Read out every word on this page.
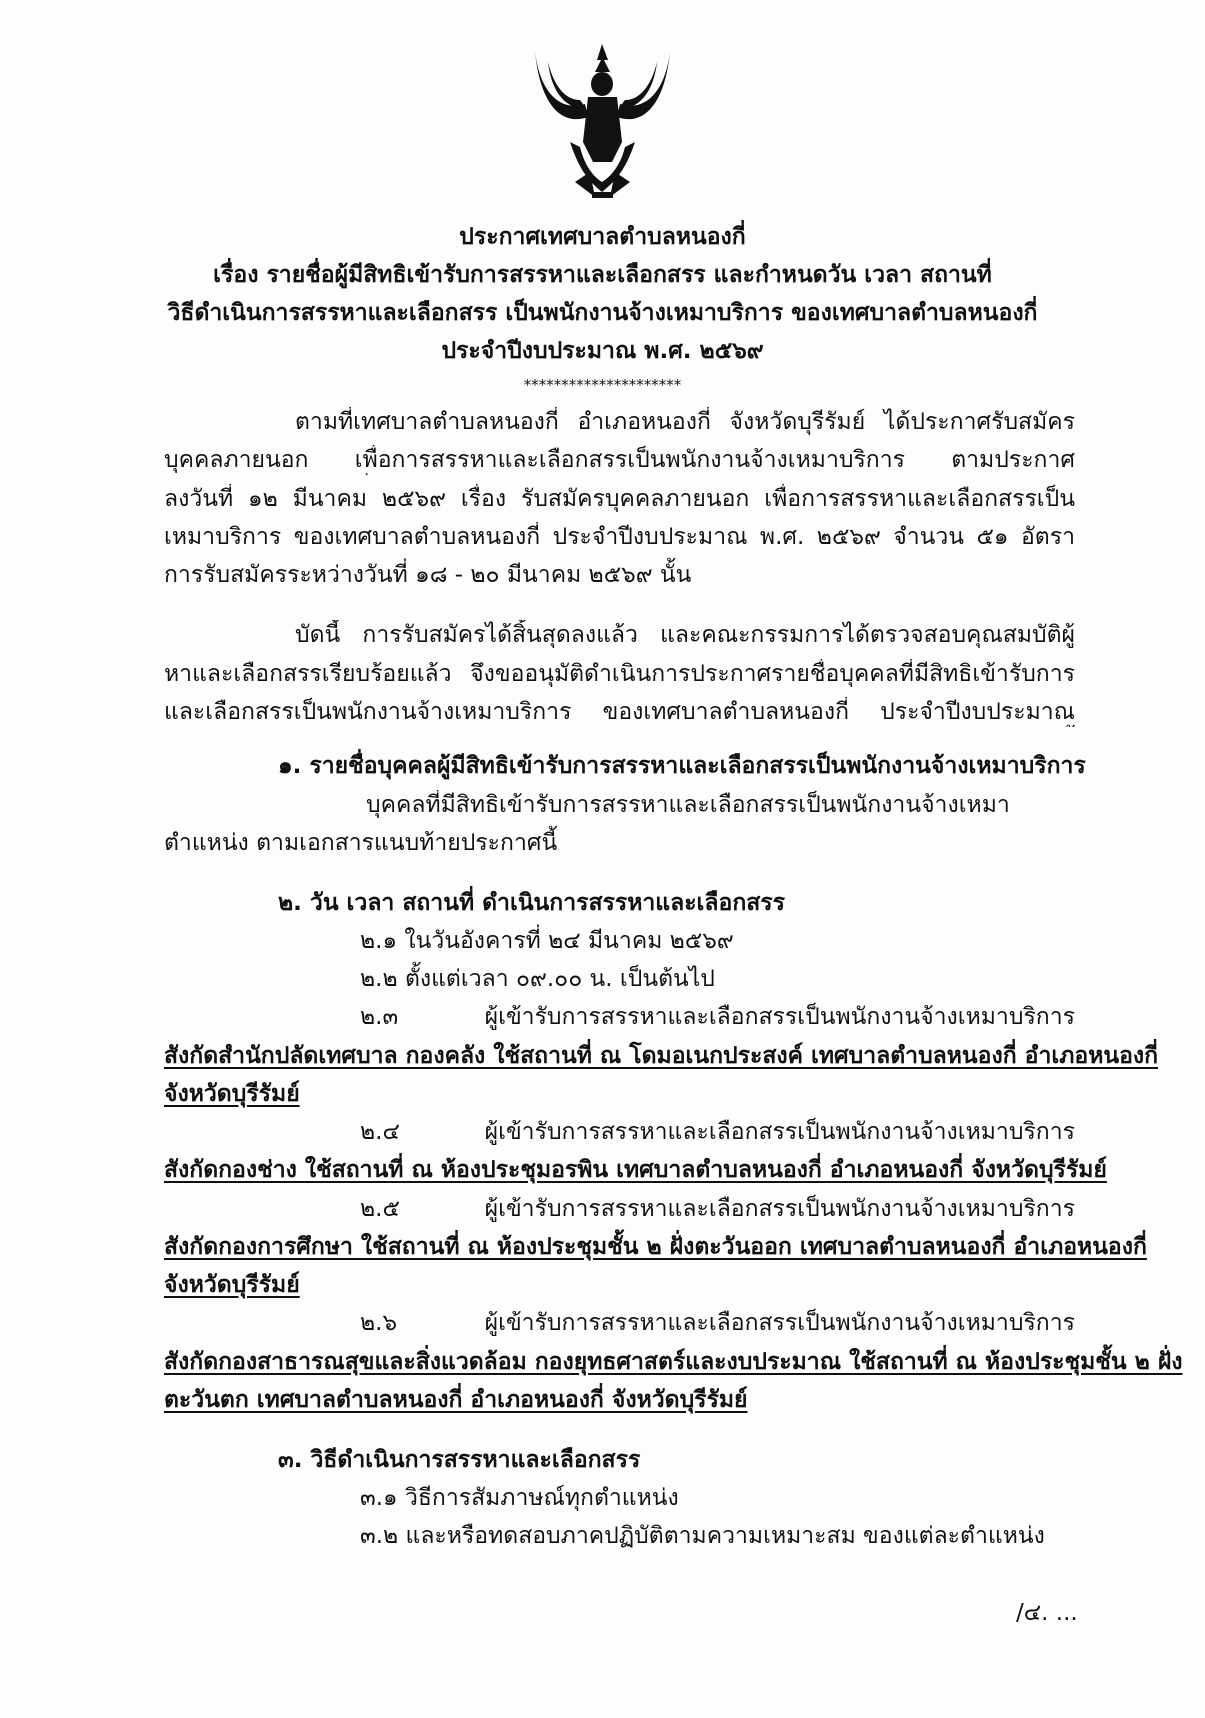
ประกาศเทศบาลตำบลหนองกี่
เรื่อง รายชื่อผู้มีสิทธิเข้ารับการสรรหาและเลือกสรร และกำหนดวัน เวลา สถานที่
วิธีดำเนินการสรรหาและเลือกสรร เป็นพนักงานจ้างเหมาบริการ ของเทศบาลตำบลหนองกี่
ประจำปีงบประมาณ พ.ศ. ๒๕๖๙
*********************
ตามที่เทศบาลตำบลหนองกี่ อำเภอหนองกี่ จังหวัดบุรีรัมย์ ได้ประกาศรับสมัคร
บุคคลภายนอก เพื่อการสรรหาและเลือกสรรเป็นพนักงานจ้างเหมาบริการ ตามประกาศ
ลงวันที่ ๑๒ มีนาคม ๒๕๖๙ เรื่อง รับสมัครบุคคลภายนอก เพื่อการสรรหาและเลือกสรรเป็น
เหมาบริการ ของเทศบาลตำบลหนองกี่ ประจำปีงบประมาณ พ.ศ. ๒๕๖๙ จำนวน ๕๑ อัตรา
การรับสมัครระหว่างวันที่ ๑๘ - ๒๐ มีนาคม ๒๕๖๙ นั้น
บัดนี้ การรับสมัครได้สิ้นสุดลงแล้ว และคณะกรรมการได้ตรวจสอบคุณสมบัติผู้
หาและเลือกสรรเรียบร้อยแล้ว จึงขออนุมัติดำเนินการประกาศรายชื่อบุคคลที่มีสิทธิเข้ารับการ
และเลือกสรรเป็นพนักงานจ้างเหมาบริการ ของเทศบาลตำบลหนองกี่ ประจำปีงบประมาณ
๑. รายชื่อบุคคลผู้มีสิทธิเข้ารับการสรรหาและเลือกสรรเป็นพนักงานจ้างเหมาบริการ
บุคคลที่มีสิทธิเข้ารับการสรรหาและเลือกสรรเป็นพนักงานจ้างเหมา
ตำแหน่ง ตามเอกสารแนบท้ายประกาศนี้
๒. วัน เวลา สถานที่ ดำเนินการสรรหาและเลือกสรร
๒.๑ ในวันอังคารที่ ๒๔ มีนาคม ๒๕๖๙
๒.๒ ตั้งแต่เวลา ๐๙.๐๐ น. เป็นต้นไป
๒.๓ ผู้เข้ารับการสรรหาและเลือกสรรเป็นพนักงานจ้างเหมาบริการ
สังกัดสำนักปลัดเทศบาล กองคลัง ใช้สถานที่ ณ โดมอเนกประสงค์ เทศบาลตำบลหนองกี่ อำเภอหนองกี่
จังหวัดบุรีรัมย์
๒.๔ ผู้เข้ารับการสรรหาและเลือกสรรเป็นพนักงานจ้างเหมาบริการ
สังกัดกองช่าง ใช้สถานที่ ณ ห้องประชุมอรพิน เทศบาลตำบลหนองกี่ อำเภอหนองกี่ จังหวัดบุรีรัมย์
๒.๕ ผู้เข้ารับการสรรหาและเลือกสรรเป็นพนักงานจ้างเหมาบริการ
สังกัดกองการศึกษา ใช้สถานที่ ณ ห้องประชุมชั้น ๒ ฝั่งตะวันออก เทศบาลตำบลหนองกี่ อำเภอหนองกี่
จังหวัดบุรีรัมย์
๒.๖ ผู้เข้ารับการสรรหาและเลือกสรรเป็นพนักงานจ้างเหมาบริการ
สังกัดกองสาธารณสุขและสิ่งแวดล้อม กองยุทธศาสตร์และงบประมาณ ใช้สถานที่ ณ ห้องประชุมชั้น ๒ ฝั่ง
ตะวันตก เทศบาลตำบลหนองกี่ อำเภอหนองกี่ จังหวัดบุรีรัมย์
๓. วิธีดำเนินการสรรหาและเลือกสรร
๓.๑ วิธีการสัมภาษณ์ทุกตำแหน่ง
๓.๒ และหรือทดสอบภาคปฏิบัติตามความเหมาะสม ของแต่ละตำแหน่ง
/๔. ...
